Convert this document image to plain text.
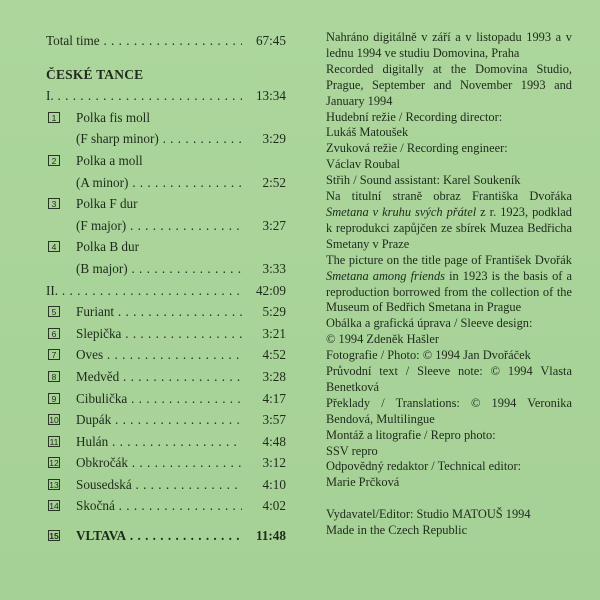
Total time . . .	67:45
ČESKÉ TANCE
I. . . .	13:34
1	Polka fis moll
(F sharp minor) . . .	3:29
2	Polka a moll
(A minor) . . .	2:52
3	Polka F dur
(F major) . . .	3:27
4	Polka B dur
(B major) . . .	3:33
II. . . .	42:09
5	Furiant . . .	5:29
6	Slepička . . .	3:21
7	Oves . . .	4:52
8	Medvěd . . .	3:28
9	Cibulička . . .	4:17
10	Dupák . . .	3:57
11	Hulán . . .	4:48
12	Obkročák . . .	3:12
13	Sousedská . . .	4:10
14	Skočná . . .	4:02
15	VLTAVA . . .	11:48

Nahráno digitálně v září a v listopadu 1993 a v lednu 1994 ve studiu Domovina, Praha

Recorded digitally at the Domovina Studio, Prague, September and November 1993 and January 1994

Hudební režie / Recording director:

Lukáš Matoušek

Zvuková režie / Recording engineer:

Václav Roubal

Střih / Sound assistant: Karel Soukeník

Na titulní straně obraz Františka Dvořáka Smetana v kruhu svých přátel z r. 1923, podklad k reprodukci zapůjčen ze sbírek Muzea Bedřicha Smetany v Praze

The picture on the title page of František Dvořák Smetana among friends in 1923 is the basis of a reproduction borrowed from the collection of the Museum of Bedřich Smetana in Prague

Obálka a grafická úprava / Sleeve design:

© 1994 Zdeněk Hašler

Fotografie / Photo: © 1994 Jan Dvořáček

Průvodní text / Sleeve note: © 1994 Vlasta Benetková

Překlady / Translations: © 1994 Veronika Bendová, Multilingue

Montáž a litografie / Repro photo:

SSV repro

Odpovědný redaktor / Technical editor:

Marie Prčková

Vydavatel/Editor: Studio MATOUŠ 1994

Made in the Czech Republic
